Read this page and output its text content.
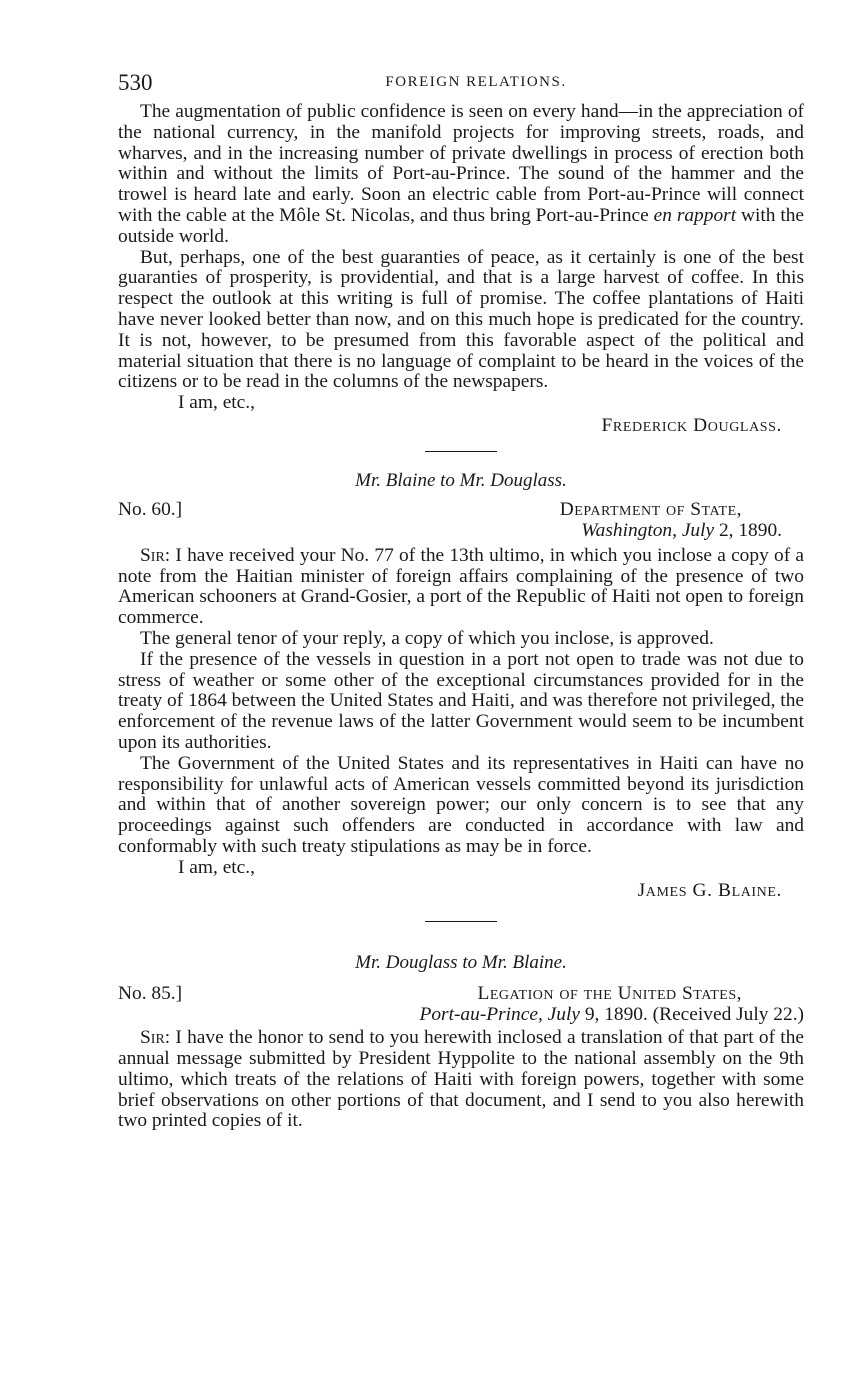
530	FOREIGN RELATIONS.

The augmentation of public confidence is seen on every hand—in the appreciation of the national currency, in the manifold projects for improving streets, roads, and wharves, and in the increasing number of private dwellings in process of erection both within and without the limits of Port-au-Prince. The sound of the hammer and the trowel is heard late and early. Soon an electric cable from Port-au-Prince will connect with the cable at the Môle St. Nicolas, and thus bring Port-au-Prince en rapport with the outside world.

But, perhaps, one of the best guaranties of peace, as it certainly is one of the best guaranties of prosperity, is providential, and that is a large harvest of coffee. In this respect the outlook at this writing is full of promise. The coffee plantations of Haiti have never looked better than now, and on this much hope is predicated for the country. It is not, however, to be presumed from this favorable aspect of the political and material situation that there is no language of complaint to be heard in the voices of the citizens or to be read in the columns of the newspapers.

I am, etc.,
Frederick Douglass.
Mr. Blaine to Mr. Douglass.
No. 60.]	Department of State,
Washington, July 2, 1890.

Sir: I have received your No. 77 of the 13th ultimo, in which you inclose a copy of a note from the Haitian minister of foreign affairs complaining of the presence of two American schooners at Grand-Gosier, a port of the Republic of Haiti not open to foreign commerce.

The general tenor of your reply, a copy of which you inclose, is approved.

If the presence of the vessels in question in a port not open to trade was not due to stress of weather or some other of the exceptional circumstances provided for in the treaty of 1864 between the United States and Haiti, and was therefore not privileged, the enforcement of the revenue laws of the latter Government would seem to be incumbent upon its authorities.

The Government of the United States and its representatives in Haiti can have no responsibility for unlawful acts of American vessels committed beyond its jurisdiction and within that of another sovereign power; our only concern is to see that any proceedings against such offenders are conducted in accordance with law and conformably with such treaty stipulations as may be in force.

I am, etc.,
James G. Blaine.
Mr. Douglass to Mr. Blaine.
No. 85.]	Legation of the United States,
Port-au-Prince, July 9, 1890. (Received July 22.)

Sir: I have the honor to send to you herewith inclosed a translation of that part of the annual message submitted by President Hyppolite to the national assembly on the 9th ultimo, which treats of the relations of Haiti with foreign powers, together with some brief observations on other portions of that document, and I send to you also herewith two printed copies of it.
